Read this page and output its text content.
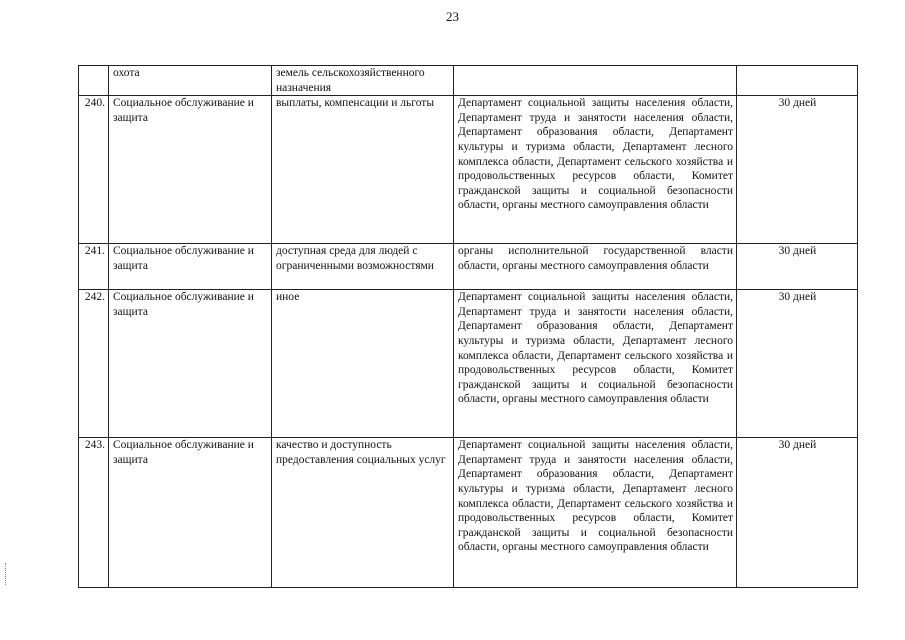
23
	охота	земель сельскохозяйственного назначения		
240.	Социальное обслуживание и защита	выплаты, компенсации и льготы	Департамент социальной защиты населения области, Департамент труда и занятости населения области, Департамент образования области, Департамент культуры и туризма области, Департамент лесного комплекса области, Департамент сельского хозяйства и продовольственных ресурсов области, Комитет гражданской защиты и социальной безопасности области, органы местного самоуправления области	30 дней
241.	Социальное обслуживание и защита	доступная среда для людей с ограниченными возможностями	органы исполнительной государственной власти области, органы местного самоуправления области	30 дней
242.	Социальное обслуживание и защита	иное	Департамент социальной защиты населения области, Департамент труда и занятости населения области, Департамент образования области, Департамент культуры и туризма области, Департамент лесного комплекса области, Департамент сельского хозяйства и продовольственных ресурсов области, Комитет гражданской защиты и социальной безопасности области, органы местного самоуправления области	30 дней
243.	Социальное обслуживание и защита	качество и доступность предоставления социальных услуг	Департамент социальной защиты населения области, Департамент труда и занятости населения области, Департамент образования области, Департамент культуры и туризма области, Департамент лесного комплекса области, Департамент сельского хозяйства и продовольственных ресурсов области, Комитет гражданской защиты и социальной безопасности области, органы местного самоуправления области	30 дней
